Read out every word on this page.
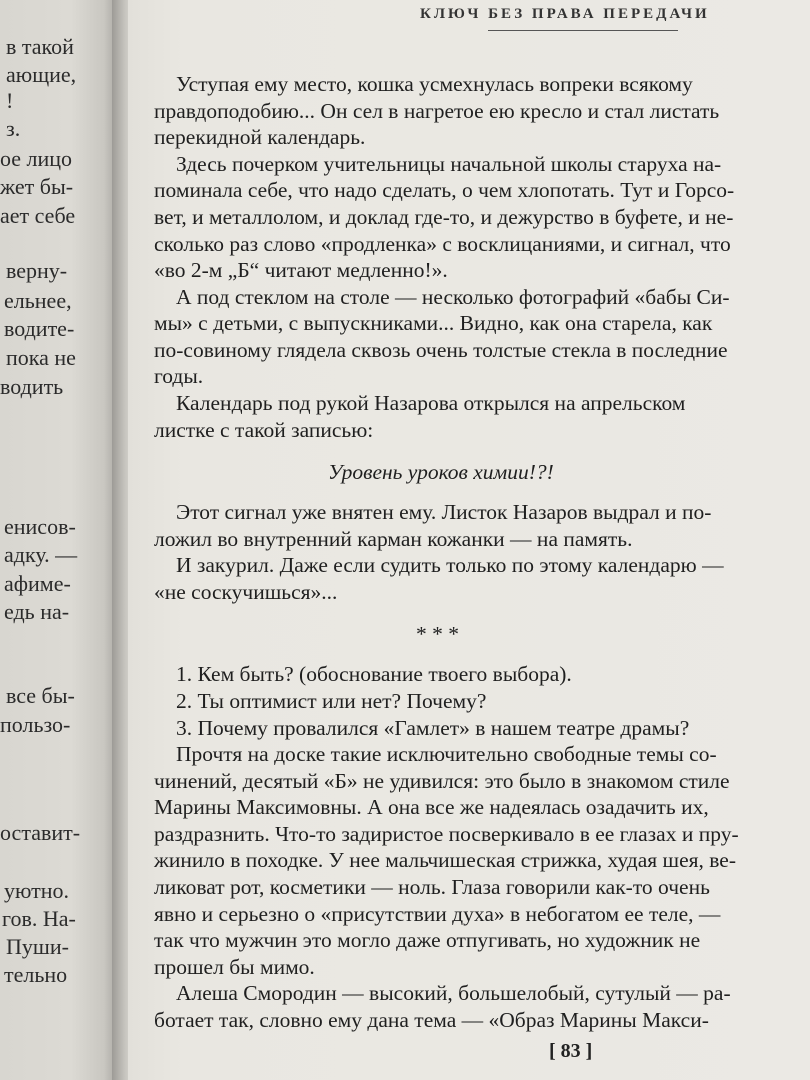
в такой
ающие,
!
з.
ое лицо
жет бы-
ает себе
верну-
ельнее,
водите-
пока не
водить
енисов-
адку. —
афиме-
едь на-
все бы-
пользо-
оставит-
уютно.
гов. На-
Пуши-
тельно
КЛЮЧ БЕЗ ПРАВА ПЕРЕДАЧИ
Уступая ему место, кошка усмехнулась вопреки всякому
правдоподобию... Он сел в нагретое ею кресло и стал листать
перекидной календарь.
Здесь почерком учительницы начальной школы старуха на-
поминала себе, что надо сделать, о чем хлопотать. Тут и Горсо-
вет, и металлолом, и доклад где-то, и дежурство в буфете, и не-
сколько раз слово «продленка» с восклицаниями, и сигнал, что
«во 2-м „Б“ читают медленно!».
А под стеклом на столе — несколько фотографий «бабы Си-
мы» с детьми, с выпускниками... Видно, как она старела, как
по-совиному глядела сквозь очень толстые стекла в последние
годы.
Календарь под рукой Назарова открылся на апрельском
листке с такой записью:
Уровень уроков химии!?!
Этот сигнал уже внятен ему. Листок Назаров выдрал и по-
ложил во внутренний карман кожанки — на память.
И закурил. Даже если судить только по этому календарю —
«не соскучишься»...
* * *
1. Кем быть? (обоснование твоего выбора).
2. Ты оптимист или нет? Почему?
3. Почему провалился «Гамлет» в нашем театре драмы?
Прочтя на доске такие исключительно свободные темы со-
чинений, десятый «Б» не удивился: это было в знакомом стиле
Марины Максимовны. А она все же надеялась озадачить их,
раздразнить. Что-то задиристое посверкивало в ее глазах и пру-
жинило в походке. У нее мальчишеская стрижка, худая шея, ве-
ликоват рот, косметики — ноль. Глаза говорили как-то очень
явно и серьезно о «присутствии духа» в небогатом ее теле, —
так что мужчин это могло даже отпугивать, но художник не
прошел бы мимо.
Алеша Смородин — высокий, большелобый, сутулый — ра-
ботает так, словно ему дана тема — «Образ Марины Макси-
[ 83 ]
